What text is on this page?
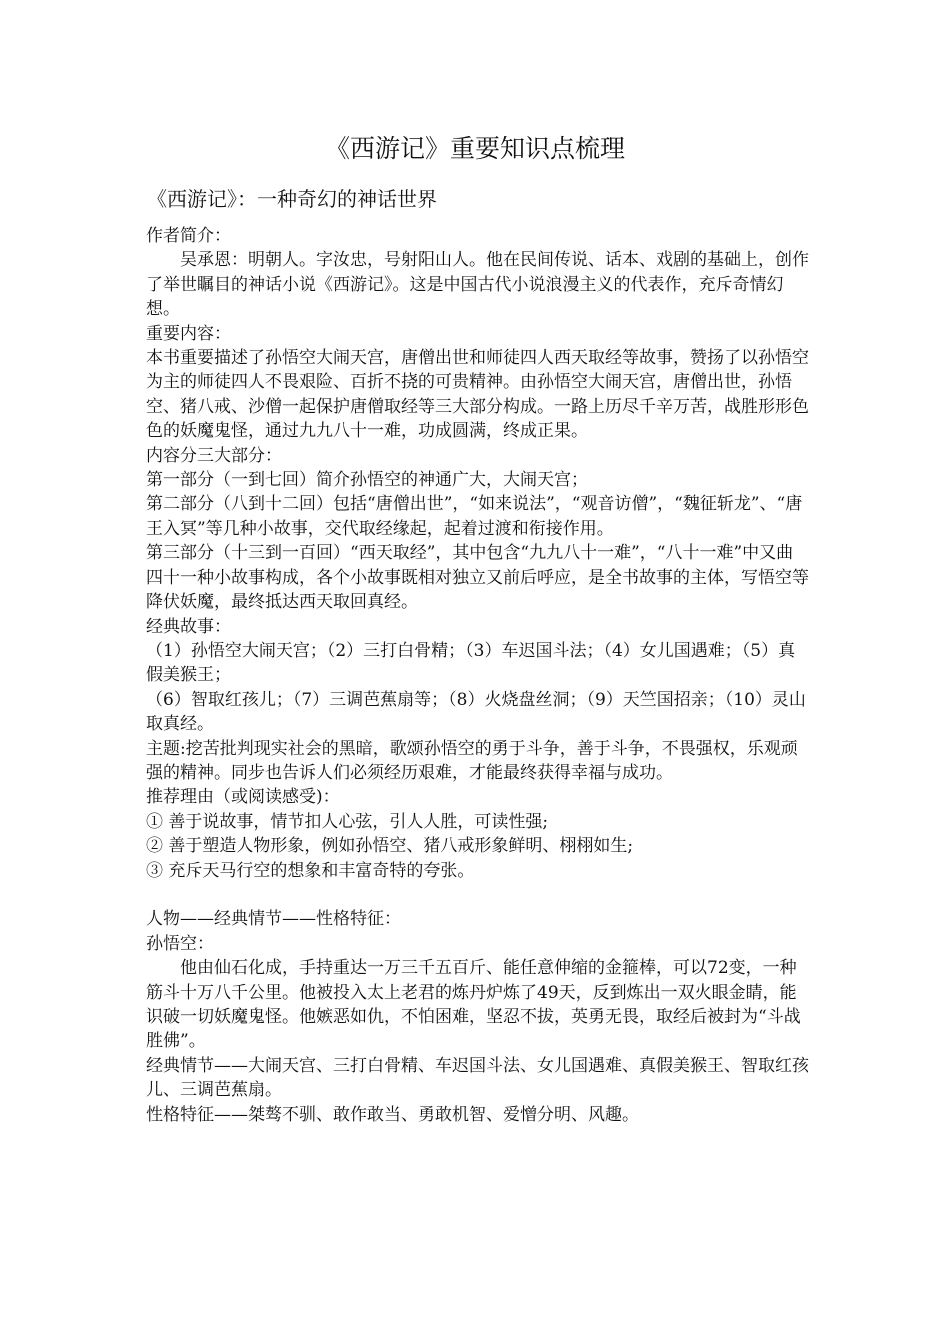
《西游记》重要知识点梳理
《西游记》：一种奇幻的神话世界

作者简介：

吴承恩：明朝人。字汝忠，号射阳山人。他在民间传说、话本、戏剧的基础上，创作了举世瞩目的神话小说《西游记》。这是中国古代小说浪漫主义的代表作，充斥奇情幻想。

重要内容：

本书重要描述了孙悟空大闹天宫，唐僧出世和师徒四人西天取经等故事，赞扬了以孙悟空为主的师徒四人不畏艰险、百折不挠的可贵精神。由孙悟空大闹天宫，唐僧出世，孙悟空、猪八戒、沙僧一起保护唐僧取经等三大部分构成。一路上历尽千辛万苦，战胜形形色色的妖魔鬼怪，通过九九八十一难，功成圆满，终成正果。

内容分三大部分：

第一部分（一到七回）简介孙悟空的神通广大，大闹天宫；

第二部分（八到十二回）包括“唐僧出世”，“如来说法”，“观音访僧”，“魏征斩龙”、“唐王入冥”等几种小故事，交代取经缘起，起着过渡和衔接作用。

第三部分（十三到一百回）“西天取经”，其中包含“九九八十一难”，“八十一难”中又曲四十一种小故事构成，各个小故事既相对独立又前后呼应，是全书故事的主体，写悟空等降伏妖魔，最终抵达西天取回真经。

经典故事：

（1）孙悟空大闹天宫；（2）三打白骨精；（3）车迟国斗法；（4）女儿国遇难；（5）真假美猴王；

（6）智取红孩儿；（7）三调芭蕉扇等；（8）火烧盘丝洞；（9）天竺国招亲；（10）灵山取真经。

主题:挖苦批判现实社会的黑暗，歌颂孙悟空的勇于斗争，善于斗争，不畏强权，乐观顽强的精神。同步也告诉人们必须经历艰难，才能最终获得幸福与成功。

推荐理由（或阅读感受)：

① 善于说故事，情节扣人心弦，引人人胜，可读性强;

② 善于塑造人物形象，例如孙悟空、猪八戒形象鲜明、栩栩如生;

③ 充斥天马行空的想象和丰富奇特的夸张。

人物——经典情节——性格特征：

孙悟空：

他由仙石化成，手持重达一万三千五百斤、能任意伸缩的金箍棒，可以72变，一种筋斗十万八千公里。他被投入太上老君的炼丹炉炼了49天，反到炼出一双火眼金睛，能识破一切妖魔鬼怪。他嫉恶如仇，不怕困难，坚忍不拔，英勇无畏，取经后被封为“斗战胜佛”。

经典情节——大闹天宫、三打白骨精、车迟国斗法、女儿国遇难、真假美猴王、智取红孩儿、三调芭蕉扇。

性格特征——桀骜不驯、敢作敢当、勇敢机智、爱憎分明、风趣。
